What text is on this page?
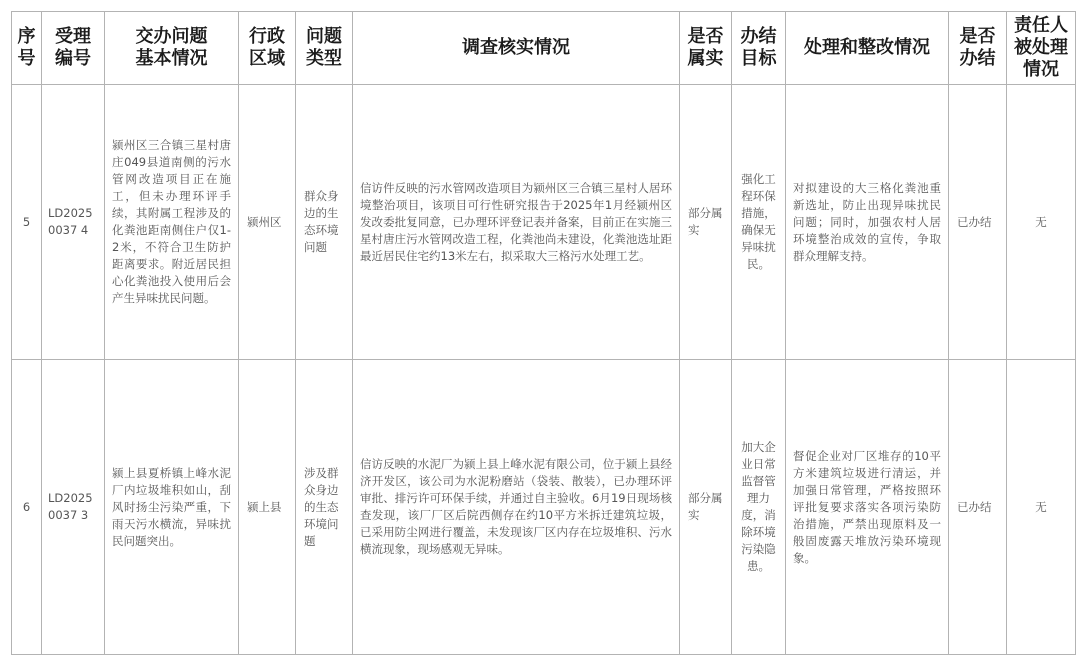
序号	受理编号	交办问题基本情况	行政区域	问题类型	调查核实情况	是否属实	办结目标	处理和整改情况	是否办结	责任人被处理情况
5	LD20250037 4	颍州区三合镇三星村唐庄049县道南侧的污水管网改造项目正在施工，但未办理环评手续，其附属工程涉及的化粪池距南侧住户仅1-2米，不符合卫生防护距离要求。附近居民担心化粪池投入使用后会产生异味扰民问题。	颍州区	群众身边的生态环境问题	信访件反映的污水管网改造项目为颍州区三合镇三星村人居环境整治项目，该项目可行性研究报告于2025年1月经颍州区发改委批复同意，已办理环评登记表并备案，目前正在实施三星村唐庄污水管网改造工程，化粪池尚未建设，化粪池选址距最近居民住宅约13米左右，拟采取大三格污水处理工艺。	部分属实	强化工程环保措施，确保无异味扰民。	对拟建设的大三格化粪池重新选址，防止出现异味扰民问题；同时，加强农村人居环境整治成效的宣传，争取群众理解支持。	已办结	无
6	LD20250037 3	颍上县夏桥镇上峰水泥厂内垃圾堆积如山，刮风时扬尘污染严重，下雨天污水横流，异味扰民问题突出。	颍上县	涉及群众身边的生态环境问题	信访反映的水泥厂为颍上县上峰水泥有限公司，位于颍上县经济开发区，该公司为水泥粉磨站（袋装、散装），已办理环评审批、排污许可环保手续，并通过自主验收。6月19日现场核查发现，该厂厂区后院西侧存在约10平方米拆迁建筑垃圾，已采用防尘网进行覆盖，未发现该厂区内存在垃圾堆积、污水横流现象，现场感观无异味。	部分属实	加大企业日常监督管理力度，消除环境污染隐患。	督促企业对厂区堆存的10平方米建筑垃圾进行清运，并加强日常管理，严格按照环评批复要求落实各项污染防治措施，严禁出现原料及一般固废露天堆放污染环境现象。	已办结	无
